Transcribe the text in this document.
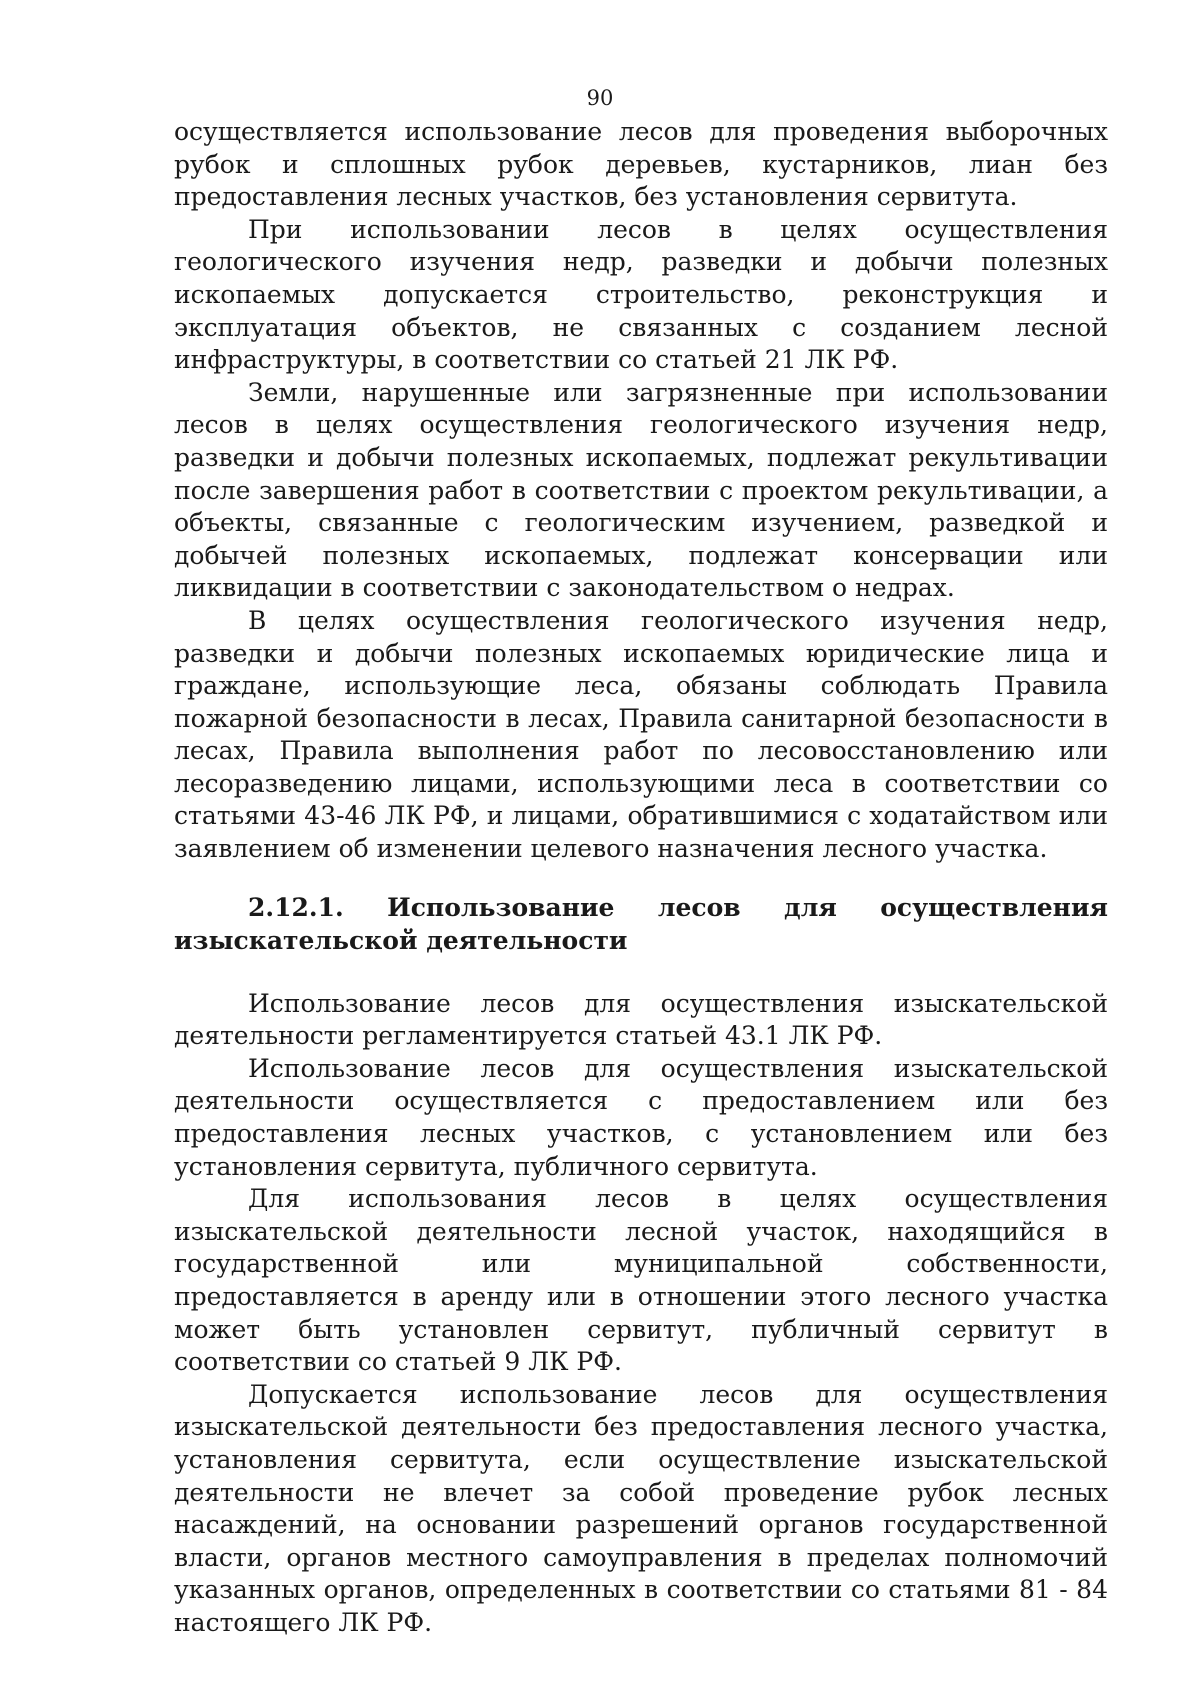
90

осуществляется использование лесов для проведения выборочных рубок и сплошных рубок деревьев, кустарников, лиан без предоставления лесных участков, без установления сервитута.

При использовании лесов в целях осуществления геологического изучения недр, разведки и добычи полезных ископаемых допускается строительство, реконструкция и эксплуатация объектов, не связанных с созданием лесной инфраструктуры, в соответствии со статьей 21 ЛК РФ.

Земли, нарушенные или загрязненные при использовании лесов в целях осуществления геологического изучения недр, разведки и добычи полезных ископаемых, подлежат рекультивации после завершения работ в соответствии с проектом рекультивации, а объекты, связанные с геологическим изучением, разведкой и добычей полезных ископаемых, подлежат консервации или ликвидации в соответствии с законодательством о недрах.

В целях осуществления геологического изучения недр, разведки и добычи полезных ископаемых юридические лица и граждане, использующие леса, обязаны соблюдать Правила пожарной безопасности в лесах, Правила санитарной безопасности в лесах, Правила выполнения работ по лесовосстановлению или лесоразведению лицами, использующими леса в соответствии со статьями 43-46 ЛК РФ, и лицами, обратившимися с ходатайством или заявлением об изменении целевого назначения лесного участка.

2.12.1. Использование лесов для осуществления изыскательской деятельности

Использование лесов для осуществления изыскательской деятельности регламентируется статьей 43.1 ЛК РФ.

Использование лесов для осуществления изыскательской деятельности осуществляется с предоставлением или без предоставления лесных участков, с установлением или без установления сервитута, публичного сервитута.

Для использования лесов в целях осуществления изыскательской деятельности лесной участок, находящийся в государственной или муниципальной собственности, предоставляется в аренду или в отношении этого лесного участка может быть установлен сервитут, публичный сервитут в соответствии со статьей 9 ЛК РФ.

Допускается использование лесов для осуществления изыскательской деятельности без предоставления лесного участка, установления сервитута, если осуществление изыскательской деятельности не влечет за собой проведение рубок лесных насаждений, на основании разрешений органов государственной власти, органов местного самоуправления в пределах полномочий указанных органов, определенных в соответствии со статьями 81 - 84 настоящего ЛК РФ.
